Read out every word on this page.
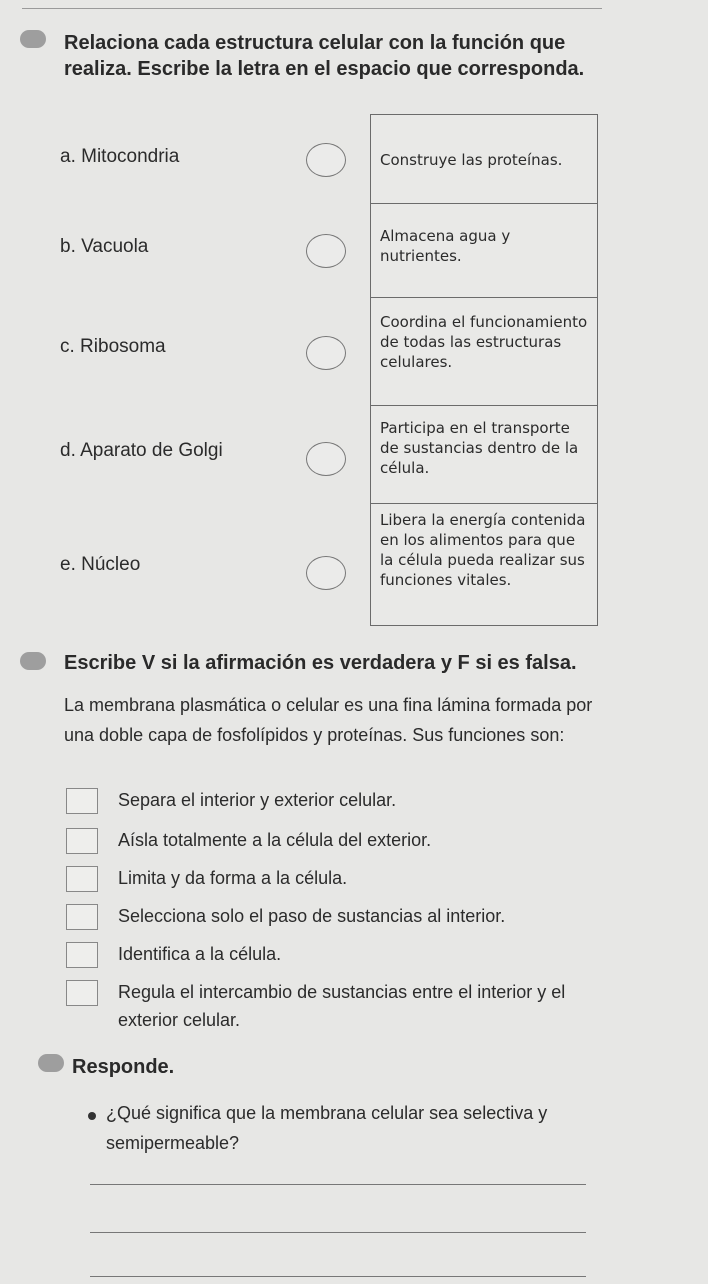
Relaciona cada estructura celular con la función que realiza. Escribe la letra en el espacio que corresponda.
a. Mitocondria
b. Vacuola
c. Ribosoma
d. Aparato de Golgi
e. Núcleo
Construye las proteínas.
Almacena agua y nutrientes.
Coordina el funcionamiento de todas las estructuras celulares.
Participa en el transporte de sustancias dentro de la célula.
Libera la energía contenida en los alimentos para que la célula pueda realizar sus funciones vitales.
Escribe V si la afirmación es verdadera y F si es falsa.
La membrana plasmática o celular es una fina lámina formada por una doble capa de fosfolípidos y proteínas. Sus funciones son:
Separa el interior y exterior celular.
Aísla totalmente a la célula del exterior.
Limita y da forma a la célula.
Selecciona solo el paso de sustancias al interior.
Identifica a la célula.
Regula el intercambio de sustancias entre el interior y el exterior celular.
Responde.
¿Qué significa que la membrana celular sea selectiva y semipermeable?
